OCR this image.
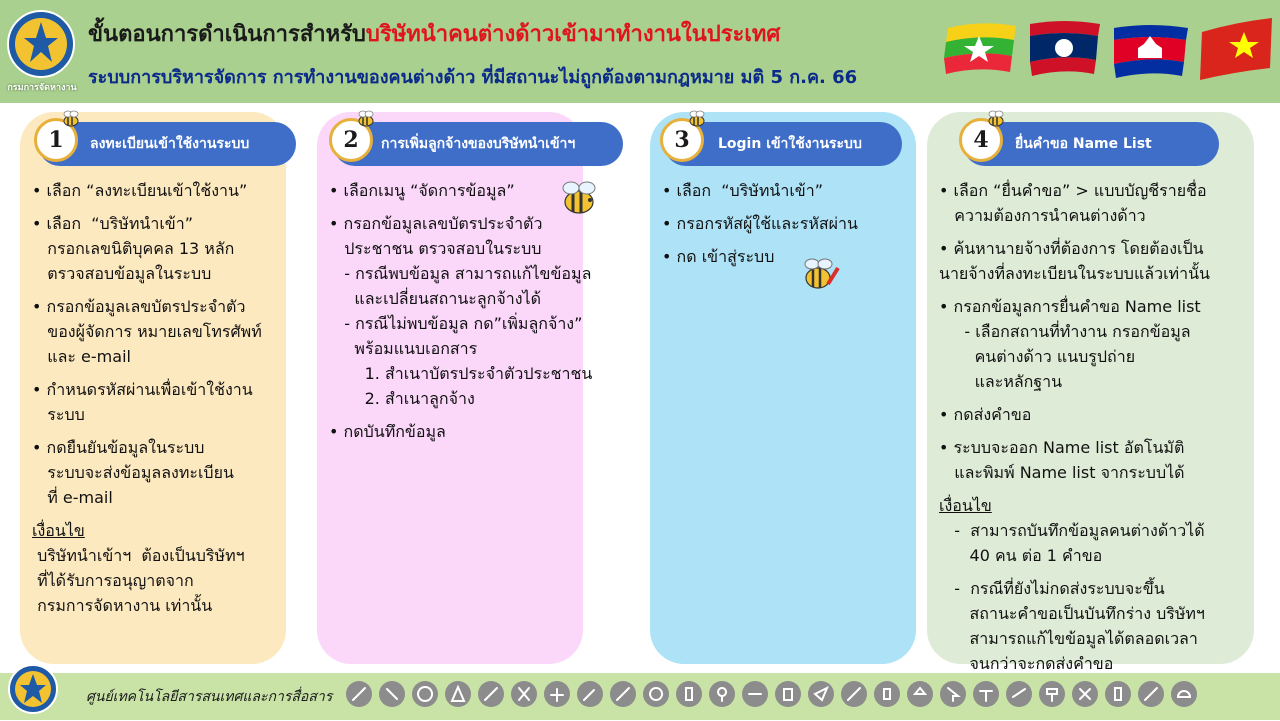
กรมการจัดหางาน
ขั้นตอนการดำเนินการสำหรับบริษัทนำคนต่างด้าวเข้ามาทำงานในประเทศ
ระบบการบริหารจัดการ การทำงานของคนต่างด้าว ที่มีสถานะไม่ถูกต้องตามกฎหมาย มติ 5 ก.ค. 66
1	ลงทะเบียนเข้าใช้งานระบบ
• เลือก “ลงทะเบียนเข้าใช้งาน”
• เลือก  “บริษัทนำเข้า”
กรอกเลขนิติบุคคล 13 หลัก
ตรวจสอบข้อมูลในระบบ
• กรอกข้อมูลเลขบัตรประจำตัว
ของผู้จัดการ หมายเลขโทรศัพท์
และ e-mail
• กำหนดรหัสผ่านเพื่อเข้าใช้งาน
ระบบ
• กดยืนยันข้อมูลในระบบ
ระบบจะส่งข้อมูลลงทะเบียน
ที่ e-mail
เงื่อนไข
บริษัทนำเข้าฯ  ต้องเป็นบริษัทฯ
ที่ได้รับการอนุญาตจาก
กรมการจัดหางาน เท่านั้น
2	การเพิ่มลูกจ้างของบริษัทนำเข้าฯ
• เลือกเมนู “จัดการข้อมูล”
• กรอกข้อมูลเลขบัตรประจำตัว
ประชาชน ตรวจสอบในระบบ
- กรณีพบข้อมูล สามารถแก้ไขข้อมูล
และเปลี่ยนสถานะลูกจ้างได้
- กรณีไม่พบข้อมูล กด”เพิ่มลูกจ้าง”
พร้อมแนบเอกสาร
1. สำเนาบัตรประจำตัวประชาชน
2. สำเนาลูกจ้าง
• กดบันทึกข้อมูล
3	Login เข้าใช้งานระบบ
• เลือก  “บริษัทนำเข้า”
• กรอกรหัสผู้ใช้และรหัสผ่าน
• กด เข้าสู่ระบบ
4	ยื่นคำขอ Name List
• เลือก “ยื่นคำขอ” > แบบบัญชีรายชื่อ
ความต้องการนำคนต่างด้าว
• ค้นหานายจ้างที่ต้องการ โดยต้องเป็น
นายจ้างที่ลงทะเบียนในระบบแล้วเท่านั้น
• กรอกข้อมูลการยื่นคำขอ Name list
- เลือกสถานที่ทำงาน กรอกข้อมูล
คนต่างด้าว แนบรูปถ่าย
และหลักฐาน
• กดส่งคำขอ
• ระบบจะออก Name list อัตโนมัติ
และพิมพ์ Name list จากระบบได้
เงื่อนไข
-  สามารถบันทึกข้อมูลคนต่างด้าวได้
40 คน ต่อ 1 คำขอ
-  กรณีที่ยังไม่กดส่งระบบจะขึ้น
สถานะคำขอเป็นบันทึกร่าง บริษัทฯ
สามารถแก้ไขข้อมูลได้ตลอดเวลา
จนกว่าจะกดส่งคำขอ
ศูนย์เทคโนโลยีสารสนเทศและการสื่อสาร
